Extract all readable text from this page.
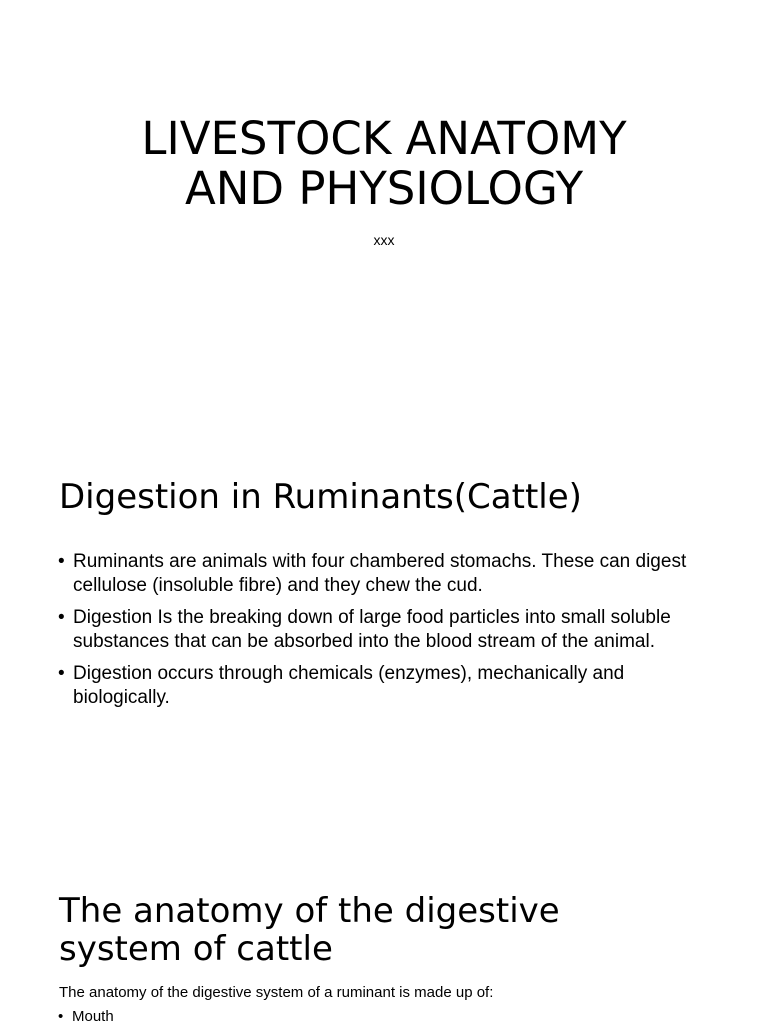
LIVESTOCK ANATOMY
AND PHYSIOLOGY
xxx
Digestion in Ruminants(Cattle)
• Ruminants are animals with four chambered stomachs. These can digest cellulose (insoluble fibre) and they chew the cud.
• Digestion Is the breaking down of large food particles into small soluble substances that can be absorbed into the blood stream of the animal.
• Digestion occurs through chemicals (enzymes), mechanically and biologically.
The anatomy of the digestive
system of cattle
The anatomy of the digestive system of a ruminant is made up of:
• Mouth
